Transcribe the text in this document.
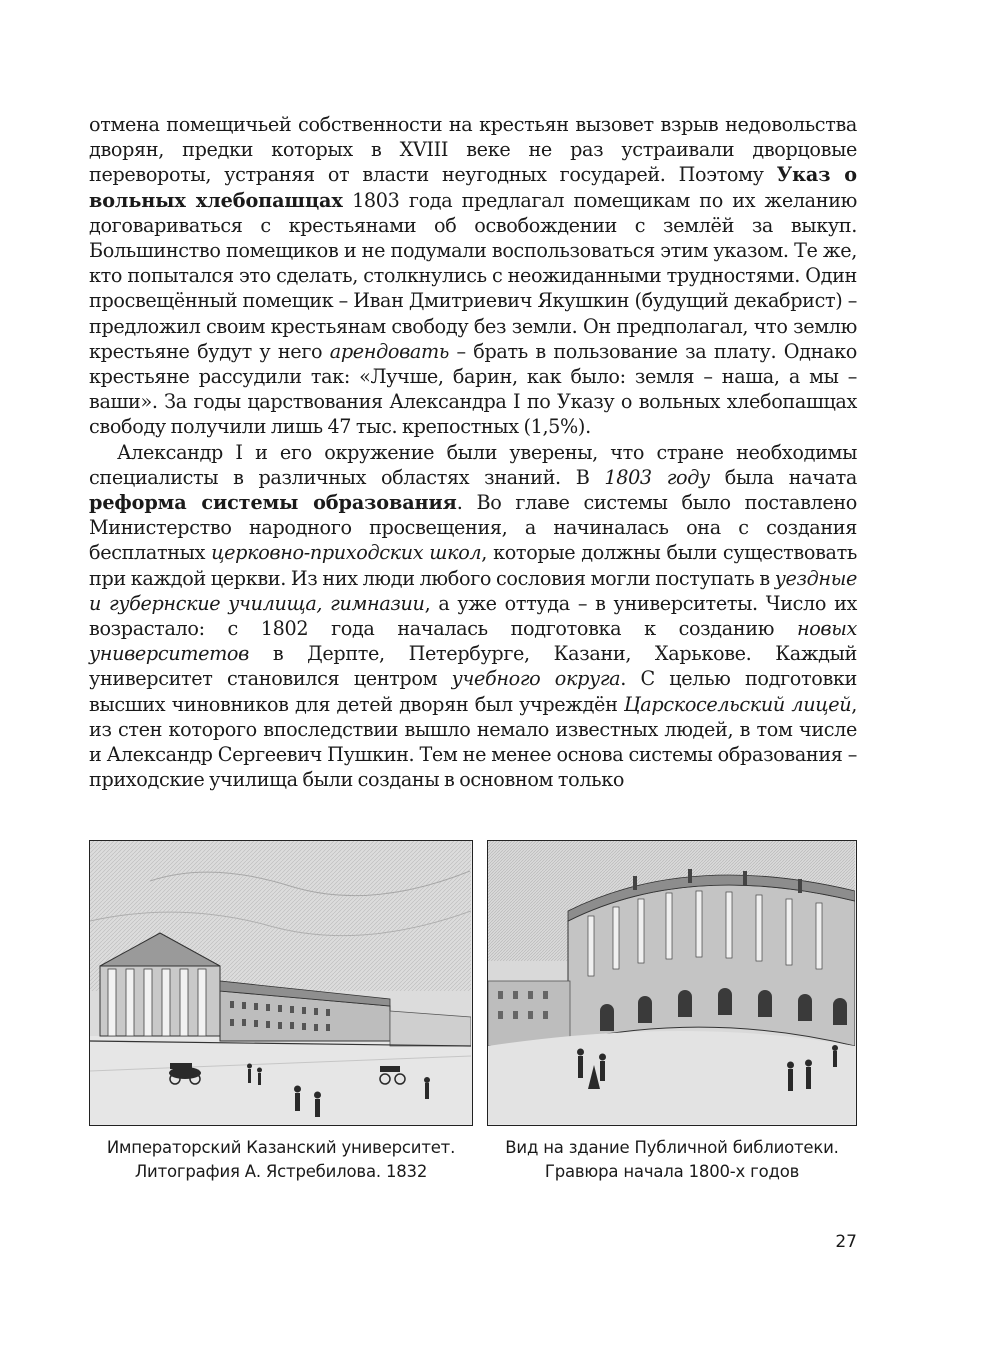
отмена помещичьей собственности на крестьян вызовет взрыв недовольства дворян, предки которых в XVIII веке не раз устраивали дворцовые перевороты, устраняя от власти неугодных государей. Поэтому Указ о вольных хлебопашцах 1803 года предлагал помещикам по их желанию договариваться с крестьянами об освобождении с землёй за выкуп. Большинство помещиков и не подумали воспользоваться этим указом. Те же, кто попытался это сделать, столкнулись с неожиданными трудностями. Один просвещённый помещик – Иван Дмитриевич Якушкин (будущий декабрист) – предложил своим крестьянам свободу без земли. Он предполагал, что землю крестьяне будут у него арендовать – брать в пользование за плату. Однако крестьяне рассудили так: «Лучше, барин, как было: земля – наша, а мы – ваши». За годы царствования Александра I по Указу о вольных хлебопашцах свободу получили лишь 47 тыс. крепостных (1,5%).

Александр I и его окружение были уверены, что стране необходимы специалисты в различных областях знаний. В 1803 году была начата реформа системы образования. Во главе системы было поставлено Министерство народного просвещения, а начиналась она с создания бесплатных церковно-приходских школ, которые должны были существовать при каждой церкви. Из них люди любого сословия могли поступать в уездные и губернские училища, гимназии, а уже оттуда – в университеты. Число их возрастало: с 1802 года началась подготовка к созданию новых университетов в Дерпте, Петербурге, Казани, Харькове. Каждый университет становился центром учебного округа. С целью подготовки высших чиновников для детей дворян был учреждён Царскосельский лицей, из стен которого впоследствии вышло немало известных людей, в том числе и Александр Сергеевич Пушкин. Тем не менее основа системы образования – приходские училища были созданы в основном только

Императорский Казанский университет.
Литография А. Ястребилова. 1832
Вид на здание Публичной библиотеки.
Гравюра начала 1800-х годов
27
